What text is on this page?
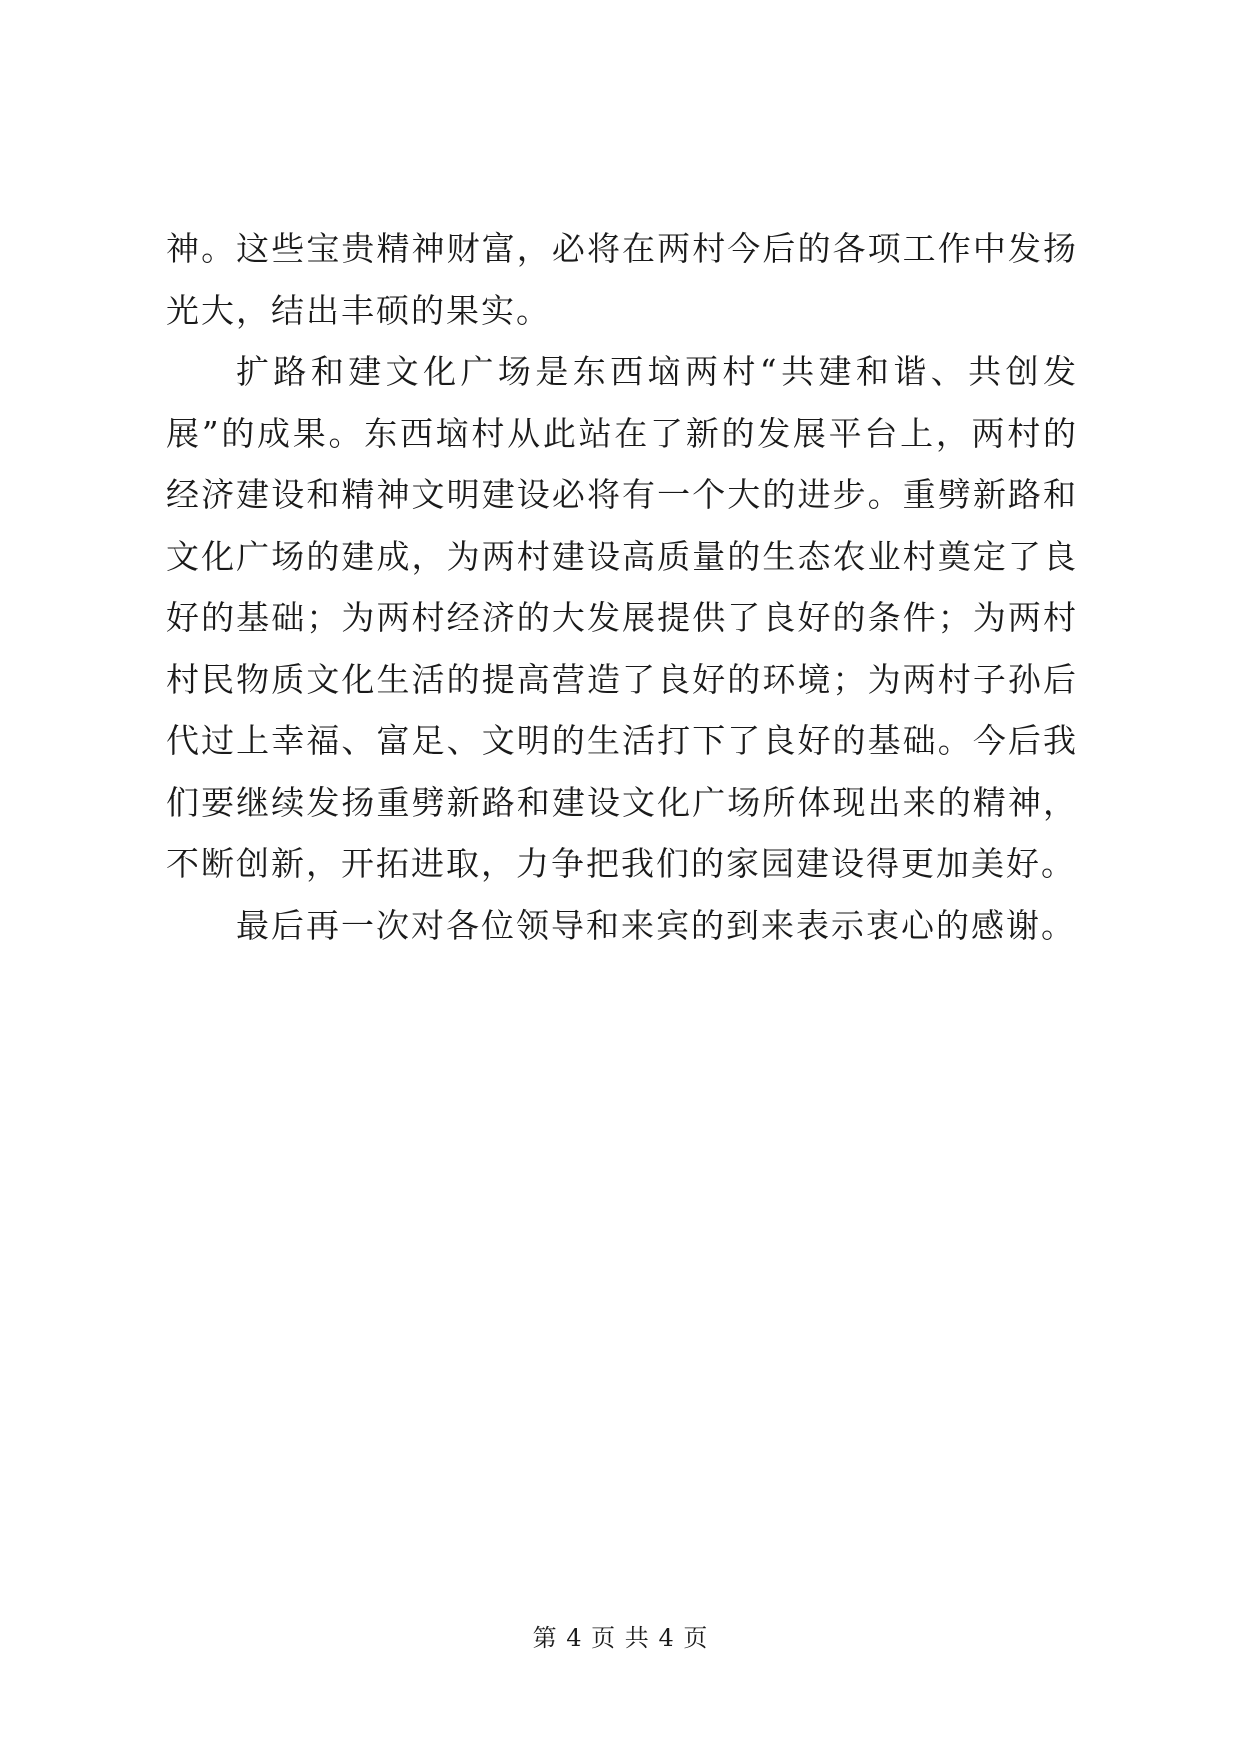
神。这些宝贵精神财富，必将在两村今后的各项工作中发扬光大，结出丰硕的果实。

扩路和建文化广场是东西垴两村“共建和谐、共创发展”的成果。东西垴村从此站在了新的发展平台上，两村的经济建设和精神文明建设必将有一个大的进步。重劈新路和文化广场的建成，为两村建设高质量的生态农业村奠定了良好的基础；为两村经济的大发展提供了良好的条件；为两村村民物质文化生活的提高营造了良好的环境；为两村子孙后代过上幸福、富足、文明的生活打下了良好的基础。今后我们要继续发扬重劈新路和建设文化广场所体现出来的精神，不断创新，开拓进取，力争把我们的家园建设得更加美好。

最后再一次对各位领导和来宾的到来表示衷心的感谢。

第 4 页 共 4 页
